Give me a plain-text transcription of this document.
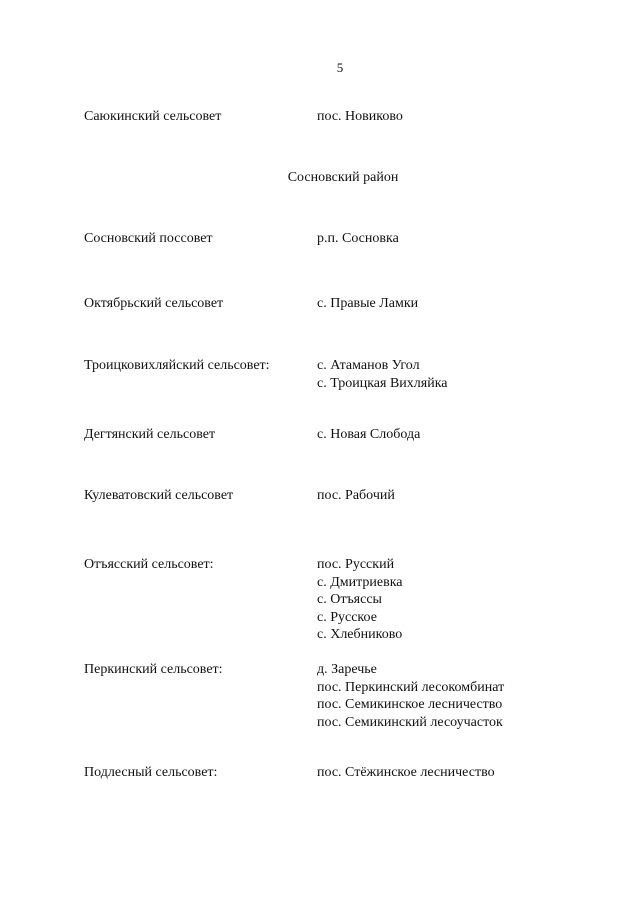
5
Саюкинский сельсовет	пос. Новиково
Сосновский район
Сосновский поссовет	р.п. Сосновка
Октябрьский сельсовет	с. Правые Ламки
Троицковихляйский сельсовет:	с. Атаманов Угол
с. Троицкая Вихляйка
Дегтянский сельсовет	с. Новая Слобода
Кулеватовский сельсовет	пос. Рабочий
Отъясский сельсовет:	пос. Русский
с. Дмитриевка
с. Отъяссы
с. Русское
с. Хлебниково
Перкинский сельсовет:	д. Заречье
пос. Перкинский лесокомбинат
пос. Семикинское лесничество
пос. Семикинский лесоучасток
Подлесный сельсовет:	пос. Стёжинское лесничество
